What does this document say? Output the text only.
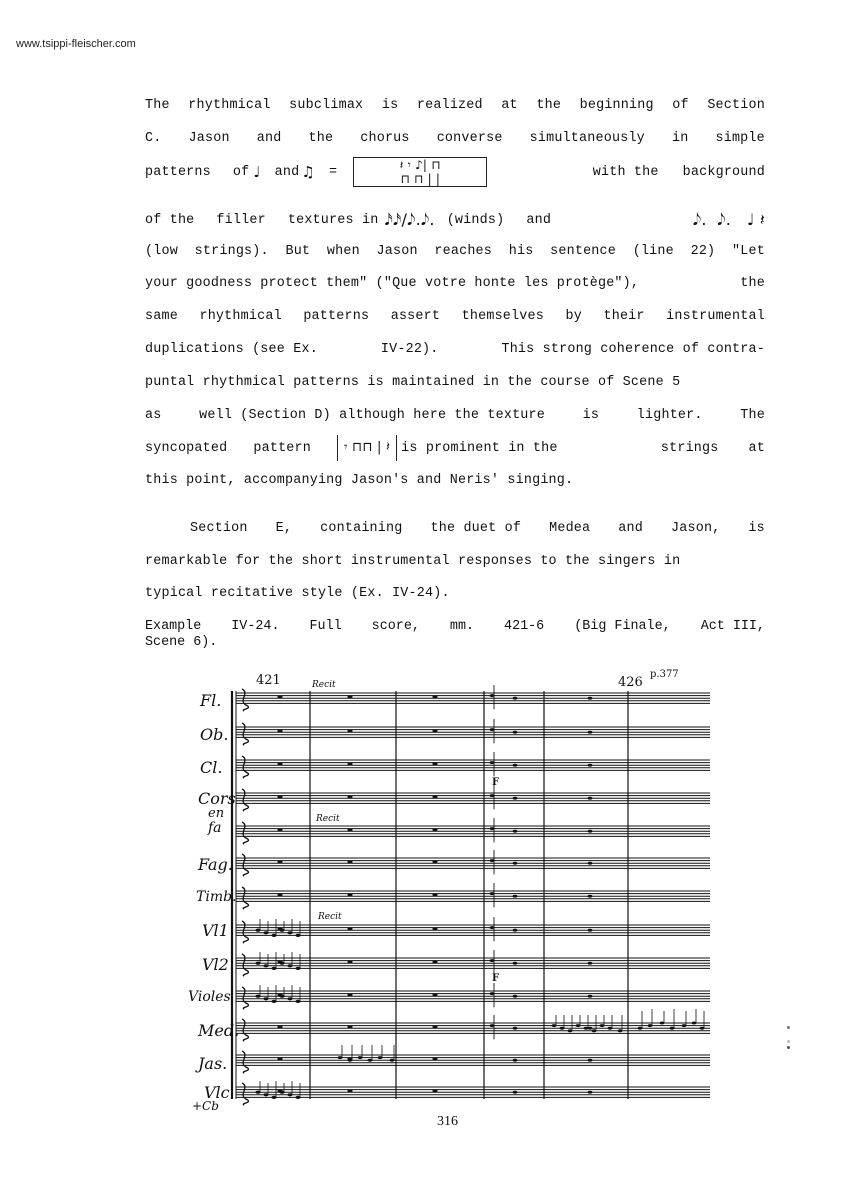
www.tsippi-fleischer.com
The rhythmical subclimax is realized at the beginning of Section
C. Jason and the chorus converse simultaneously in simple
patterns of ♩ and ♫ =	𝄽 𝄾 ♪| ⊓
⊓ ⊓ | |	with the background
of the filler textures in 𝅘𝅥𝅯𝅘𝅥𝅯/𝅘𝅥𝅮.𝅘𝅥𝅮. (winds) and	𝅘𝅥𝅮.  𝅘𝅥𝅮.   ♩ 𝄽
(low strings). But when Jason reaches his sentence (line 22) "Let
your goodness protect them" ("Que votre honte les protège"),	the
same rhythmical patterns assert themselves by their instrumental
duplications (see Ex.	IV-22).	This strong coherence of contra-
puntal rhythmical patterns is maintained in the course of Scene 5
as	well (Section D) although here the texture	is	lighter.	The
syncopated pattern	𝄾 ⊓⊓ | 𝄽 is prominent in the	strings at
this point, accompanying Jason's and Neris' singing.
Section E, containing the duet of Medea and Jason, is
remarkable for the short instrumental responses to the singers in
typical recitative style (Ex. IV-24).
Example IV-24. Full score, mm. 421-6 (Big Finale, Act III,
Scene 6).
421	Recit
Recit
Recit
426
p.377
Fl.
Ob.
Cl.
Cors
en
fa
Fag.
Timb.
Vl1
Vl2
Violes
Med.
Jas.
Vlc
+Cb
F
F
316
